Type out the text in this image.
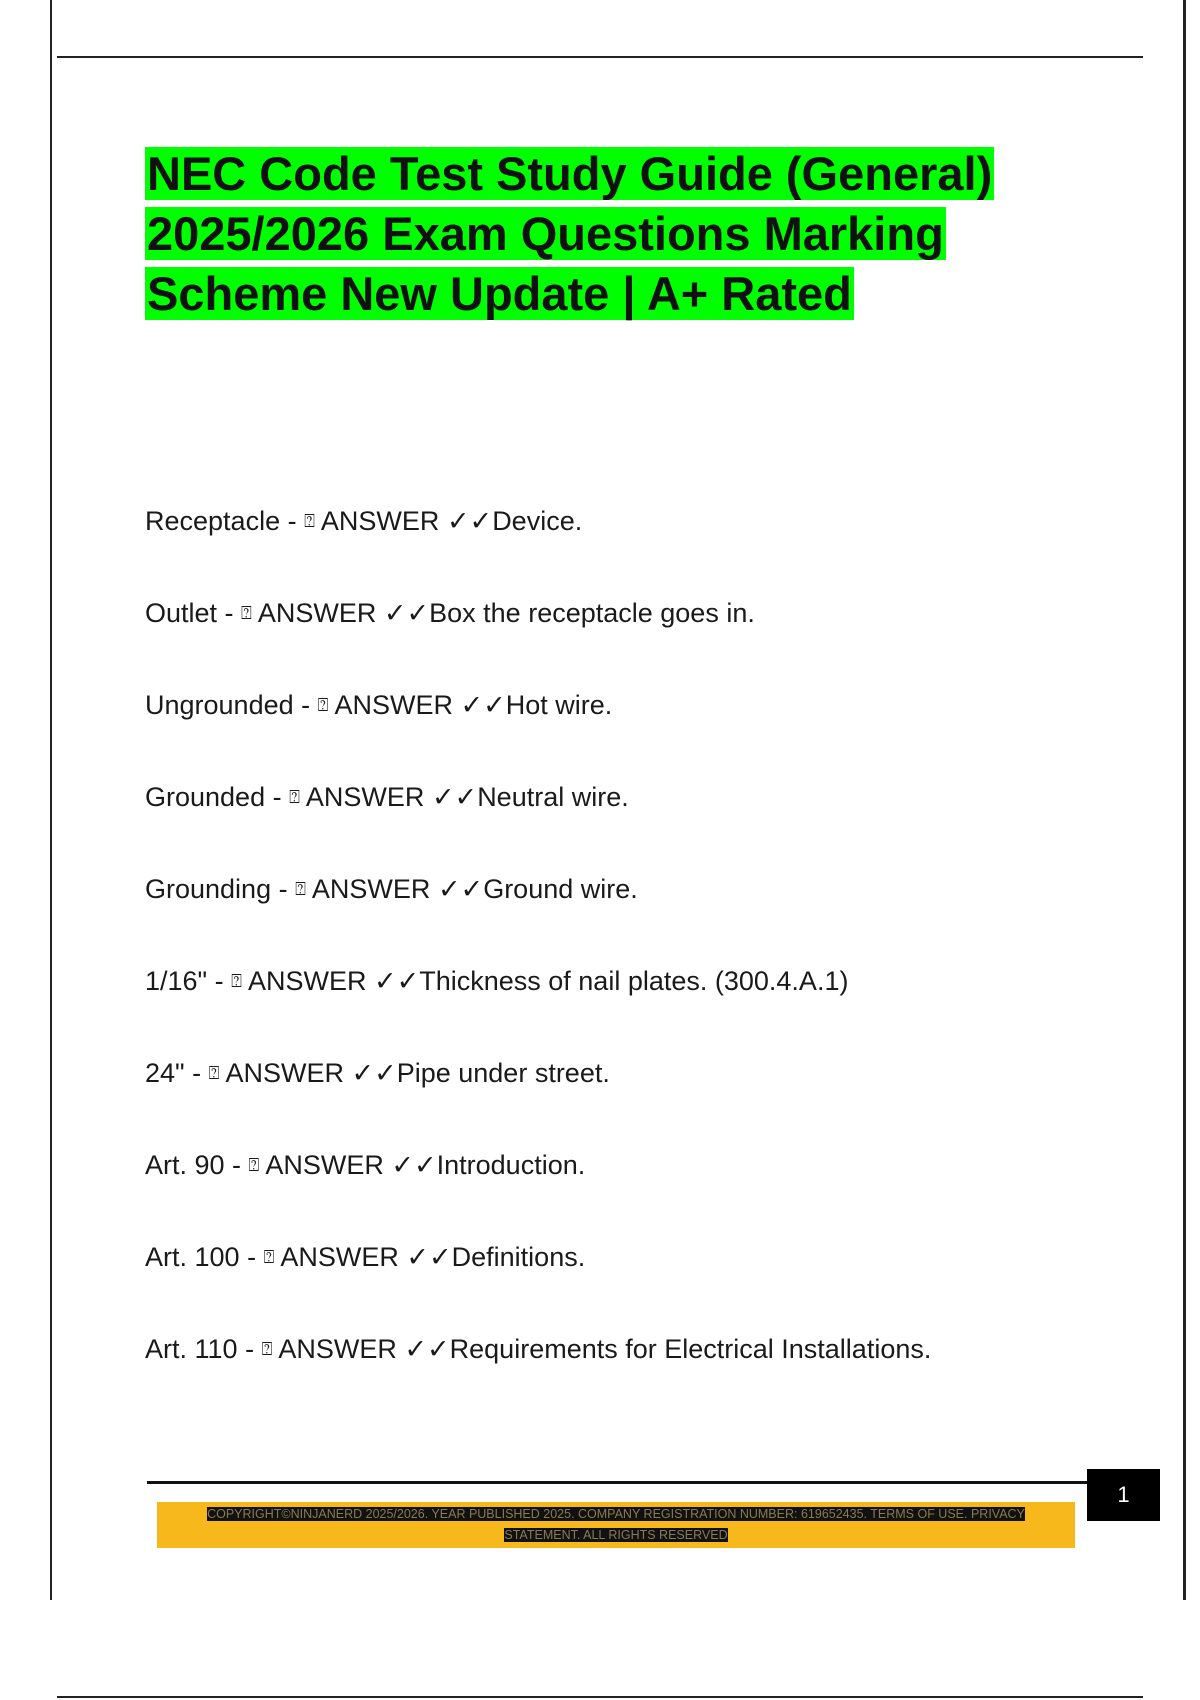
NEC Code Test Study Guide (General)
2025/2026 Exam Questions Marking
Scheme New Update | A+ Rated
Receptacle - ⍰ ANSWER ✓✓Device.
Outlet - ⍰ ANSWER ✓✓Box the receptacle goes in.
Ungrounded - ⍰ ANSWER ✓✓Hot wire.
Grounded - ⍰ ANSWER ✓✓Neutral wire.
Grounding - ⍰ ANSWER ✓✓Ground wire.
1/16" - ⍰ ANSWER ✓✓Thickness of nail plates. (300.4.A.1)
24" - ⍰ ANSWER ✓✓Pipe under street.
Art. 90 - ⍰ ANSWER ✓✓Introduction.
Art. 100 - ⍰ ANSWER ✓✓Definitions.
Art. 110 - ⍰ ANSWER ✓✓Requirements for Electrical Installations.
1
COPYRIGHT©NINJANERD 2025/2026. YEAR PUBLISHED 2025. COMPANY REGISTRATION NUMBER: 619652435. TERMS OF USE. PRIVACY STATEMENT. ALL RIGHTS RESERVED
